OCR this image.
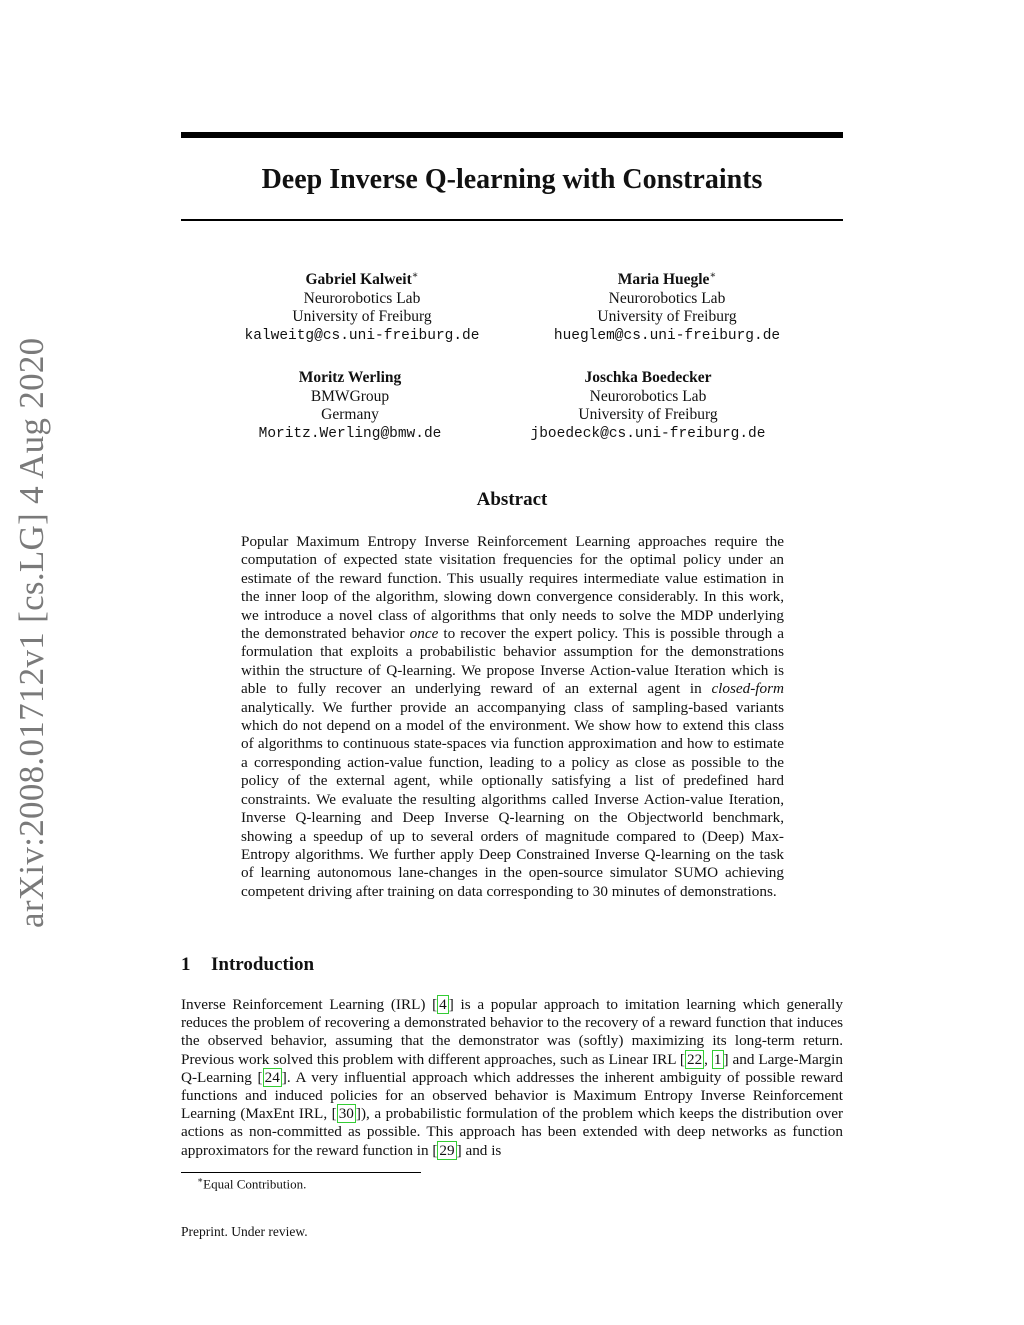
Deep Inverse Q-learning with Constraints
Gabriel Kalweit∗
Neurorobotics Lab
University of Freiburg
kalweitg@cs.uni-freiburg.de
Maria Huegle∗
Neurorobotics Lab
University of Freiburg
hueglem@cs.uni-freiburg.de
Moritz Werling
BMWGroup
Germany
Moritz.Werling@bmw.de
Joschka Boedecker
Neurorobotics Lab
University of Freiburg
jboedeck@cs.uni-freiburg.de
arXiv:2008.01712v1 [cs.LG] 4 Aug 2020	Abstract

Popular Maximum Entropy Inverse Reinforcement Learning approaches require the computation of expected state visitation frequencies for the optimal policy under an estimate of the reward function. This usually requires intermediate value estimation in the inner loop of the algorithm, slowing down convergence considerably. In this work, we introduce a novel class of algorithms that only needs to solve the MDP underlying the demonstrated behavior once to recover the expert policy. This is possible through a formulation that exploits a probabilistic behavior assumption for the demonstrations within the structure of Q-learning. We propose Inverse Action-value Iteration which is able to fully recover an underlying reward of an external agent in closed-form analytically. We further provide an accompanying class of sampling-based variants which do not depend on a model of the environment. We show how to extend this class of algorithms to continuous state-spaces via function approximation and how to estimate a corresponding action-value function, leading to a policy as close as possible to the policy of the external agent, while optionally satisfying a list of predefined hard constraints. We evaluate the resulting algorithms called Inverse Action-value Iteration, Inverse Q-learning and Deep Inverse Q-learning on the Objectworld benchmark, showing a speedup of up to several orders of magnitude compared to (Deep) Max-Entropy algorithms. We further apply Deep Constrained Inverse Q-learning on the task of learning autonomous lane-changes in the open-source simulator SUMO achieving competent driving after training on data corresponding to 30 minutes of demonstrations.

1 Introduction

Inverse Reinforcement Learning (IRL) [ 4 ] is a popular approach to imitation learning which generally reduces the problem of recovering a demonstrated behavior to the recovery of a reward function that induces the observed behavior, assuming that the demonstrator was (softly) maximizing its long-term return. Previous work solved this problem with different approaches, such as Linear IRL [ 22 , 1 ] and Large-Margin Q-Learning [ 24 ]. A very influential approach which addresses the inherent ambiguity of possible reward functions and induced policies for an observed behavior is Maximum Entropy Inverse Reinforcement Learning (MaxEnt IRL, [ 30 ]), a probabilistic formulation of the problem which keeps the distribution over actions as non-committed as possible. This approach has been extended with deep networks as function approximators for the reward function in [ 29 ] and is

∗Equal Contribution.
Preprint. Under review.
